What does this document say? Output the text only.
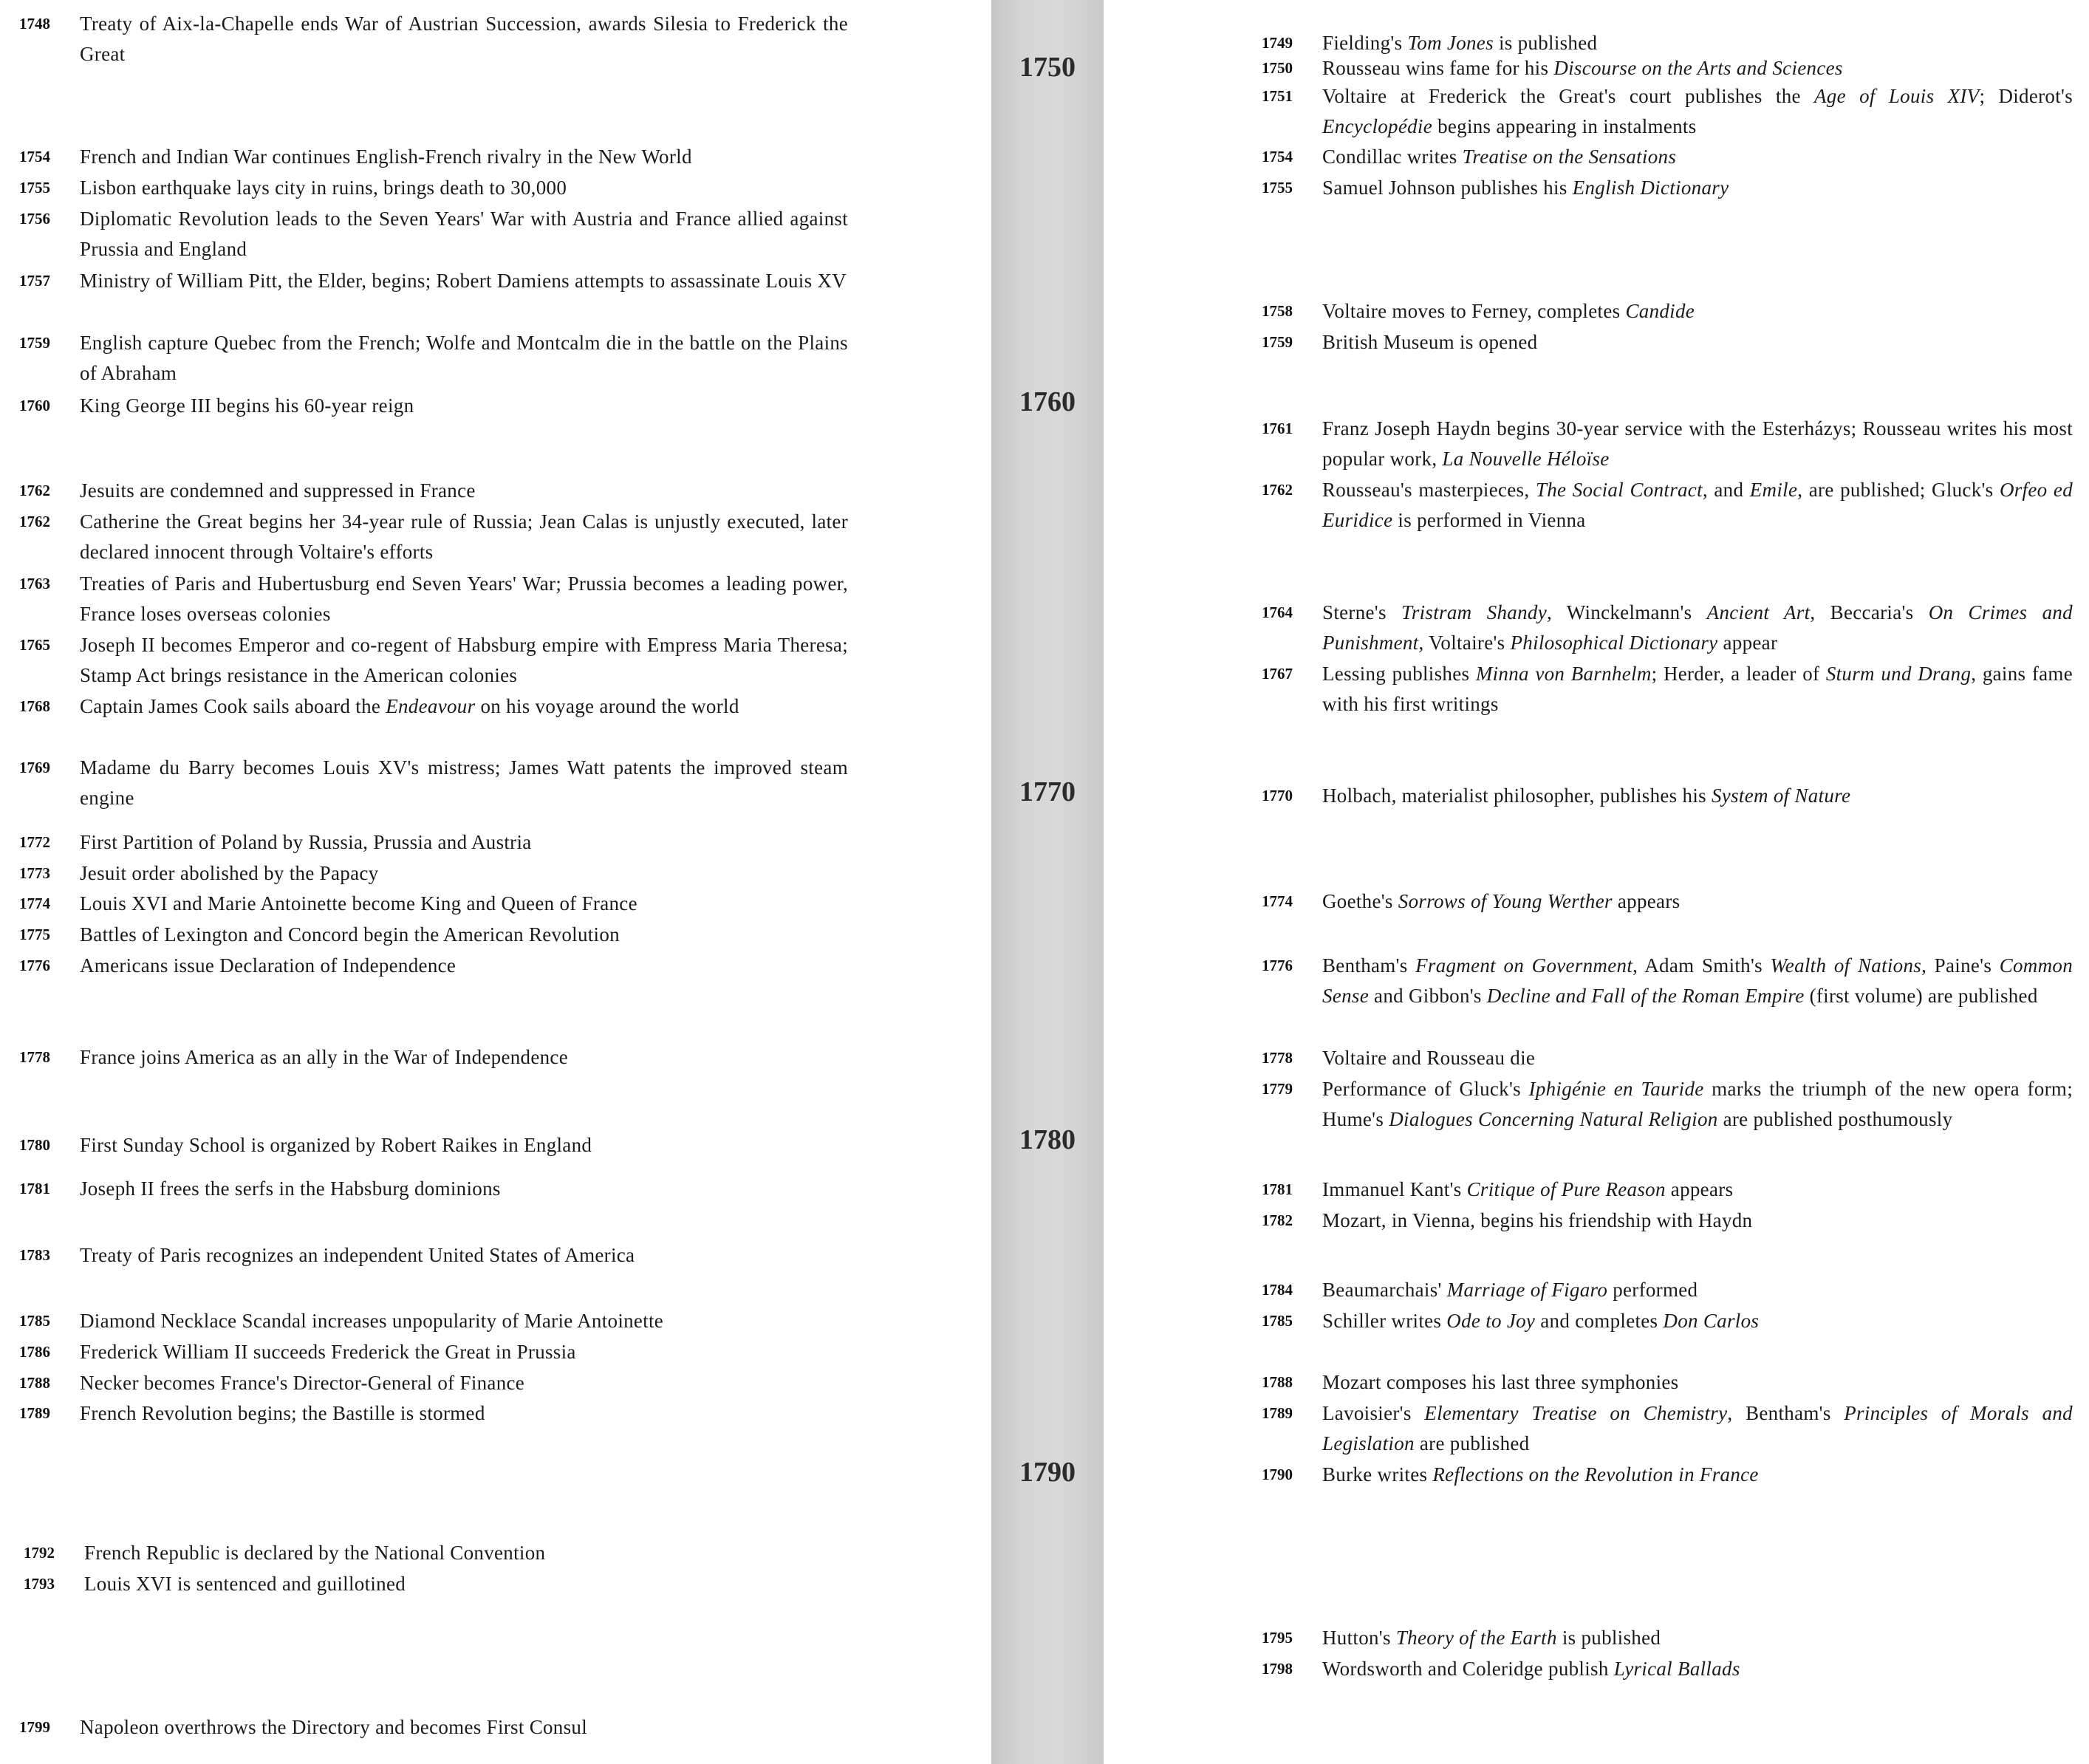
1750
1760
1770
1780
1790
1748 Treaty of Aix-la-Chapelle ends War of Austrian Succession, awards Silesia to Frederick the Great
1754 French and Indian War continues English-French rivalry in the New World
1755 Lisbon earthquake lays city in ruins, brings death to 30,000
1756 Diplomatic Revolution leads to the Seven Years' War with Austria and France allied against Prussia and England
1757 Ministry of William Pitt, the Elder, begins; Robert Damiens attempts to assassinate Louis XV
1759 English capture Quebec from the French; Wolfe and Montcalm die in the battle on the Plains of Abraham
1760 King George III begins his 60-year reign
1762 Jesuits are condemned and suppressed in France
1762 Catherine the Great begins her 34-year rule of Russia; Jean Calas is unjustly executed, later declared innocent through Voltaire's efforts
1763 Treaties of Paris and Hubertusburg end Seven Years' War; Prussia becomes a leading power, France loses overseas colonies
1765 Joseph II becomes Emperor and co-regent of Habsburg empire with Empress Maria Theresa; Stamp Act brings resistance in the American colonies
1768 Captain James Cook sails aboard the Endeavour on his voyage around the world
1769 Madame du Barry becomes Louis XV's mistress; James Watt patents the improved steam engine
1772 First Partition of Poland by Russia, Prussia and Austria
1773 Jesuit order abolished by the Papacy
1774 Louis XVI and Marie Antoinette become King and Queen of France
1775 Battles of Lexington and Concord begin the American Revolution
1776 Americans issue Declaration of Independence
1778 France joins America as an ally in the War of Independence
1780 First Sunday School is organized by Robert Raikes in England
1781 Joseph II frees the serfs in the Habsburg dominions
1783 Treaty of Paris recognizes an independent United States of America
1785 Diamond Necklace Scandal increases unpopularity of Marie Antoinette
1786 Frederick William II succeeds Frederick the Great in Prussia
1788 Necker becomes France's Director-General of Finance
1789 French Revolution begins; the Bastille is stormed
1792 French Republic is declared by the National Convention
1793 Louis XVI is sentenced and guillotined
1799 Napoleon overthrows the Directory and becomes First Consul
1749 Fielding's Tom Jones is published
1750 Rousseau wins fame for his Discourse on the Arts and Sciences
1751 Voltaire at Frederick the Great's court publishes the Age of Louis XIV; Diderot's Encyclopédie begins appearing in instalments
1754 Condillac writes Treatise on the Sensations
1755 Samuel Johnson publishes his English Dictionary
1758 Voltaire moves to Ferney, completes Candide
1759 British Museum is opened
1761 Franz Joseph Haydn begins 30-year service with the Esterházys; Rousseau writes his most popular work, La Nouvelle Héloïse
1762 Rousseau's masterpieces, The Social Contract, and Emile, are published; Gluck's Orfeo ed Euridice is performed in Vienna
1764 Sterne's Tristram Shandy, Winckelmann's Ancient Art, Beccaria's On Crimes and Punishment, Voltaire's Philosophical Dictionary appear
1767 Lessing publishes Minna von Barnhelm; Herder, a leader of Sturm und Drang, gains fame with his first writings
1770 Holbach, materialist philosopher, publishes his System of Nature
1774 Goethe's Sorrows of Young Werther appears
1776 Bentham's Fragment on Government, Adam Smith's Wealth of Nations, Paine's Common Sense and Gibbon's Decline and Fall of the Roman Empire (first volume) are published
1778 Voltaire and Rousseau die
1779 Performance of Gluck's Iphigénie en Tauride marks the triumph of the new opera form; Hume's Dialogues Concerning Natural Religion are published posthumously
1781 Immanuel Kant's Critique of Pure Reason appears
1782 Mozart, in Vienna, begins his friendship with Haydn
1784 Beaumarchais' Marriage of Figaro performed
1785 Schiller writes Ode to Joy and completes Don Carlos
1788 Mozart composes his last three symphonies
1789 Lavoisier's Elementary Treatise on Chemistry, Bentham's Principles of Morals and Legislation are published
1790 Burke writes Reflections on the Revolution in France
1795 Hutton's Theory of the Earth is published
1798 Wordsworth and Coleridge publish Lyrical Ballads
